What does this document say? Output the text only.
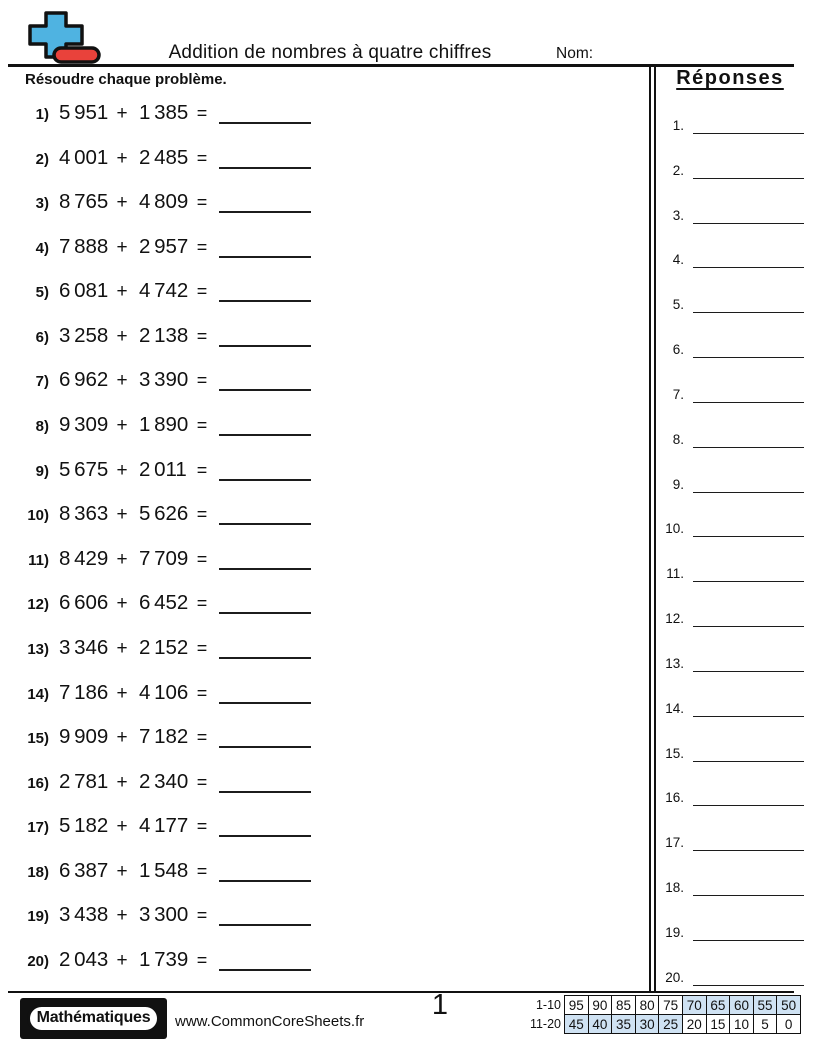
Addition de nombres à quatre chiffres	Nom:
Résoudre chaque problème.
1) 5 951 + 1 385 =
2) 4 001 + 2 485 =
3) 8 765 + 4 809 =
4) 7 888 + 2 957 =
5) 6 081 + 4 742 =
6) 3 258 + 2 138 =
7) 6 962 + 3 390 =
8) 9 309 + 1 890 =
9) 5 675 + 2 011 =
10) 8 363 + 5 626 =
11) 8 429 + 7 709 =
12) 6 606 + 6 452 =
13) 3 346 + 2 152 =
14) 7 186 + 4 106 =
15) 9 909 + 7 182 =
16) 2 781 + 2 340 =
17) 5 182 + 4 177 =
18) 6 387 + 1 548 =
19) 3 438 + 3 300 =
20) 2 043 + 1 739 =
Réponses
1.
2.
3.
4.
5.
6.
7.
8.
9.
10.
11.
12.
13.
14.
15.
16.
17.
18.
19.
20.
Mathématiques	www.CommonCoreSheets.fr
1	1-10 95 90 85 80 75 70 65 60 55 50
11-20 45 40 35 30 25 20 15 10 5	0
